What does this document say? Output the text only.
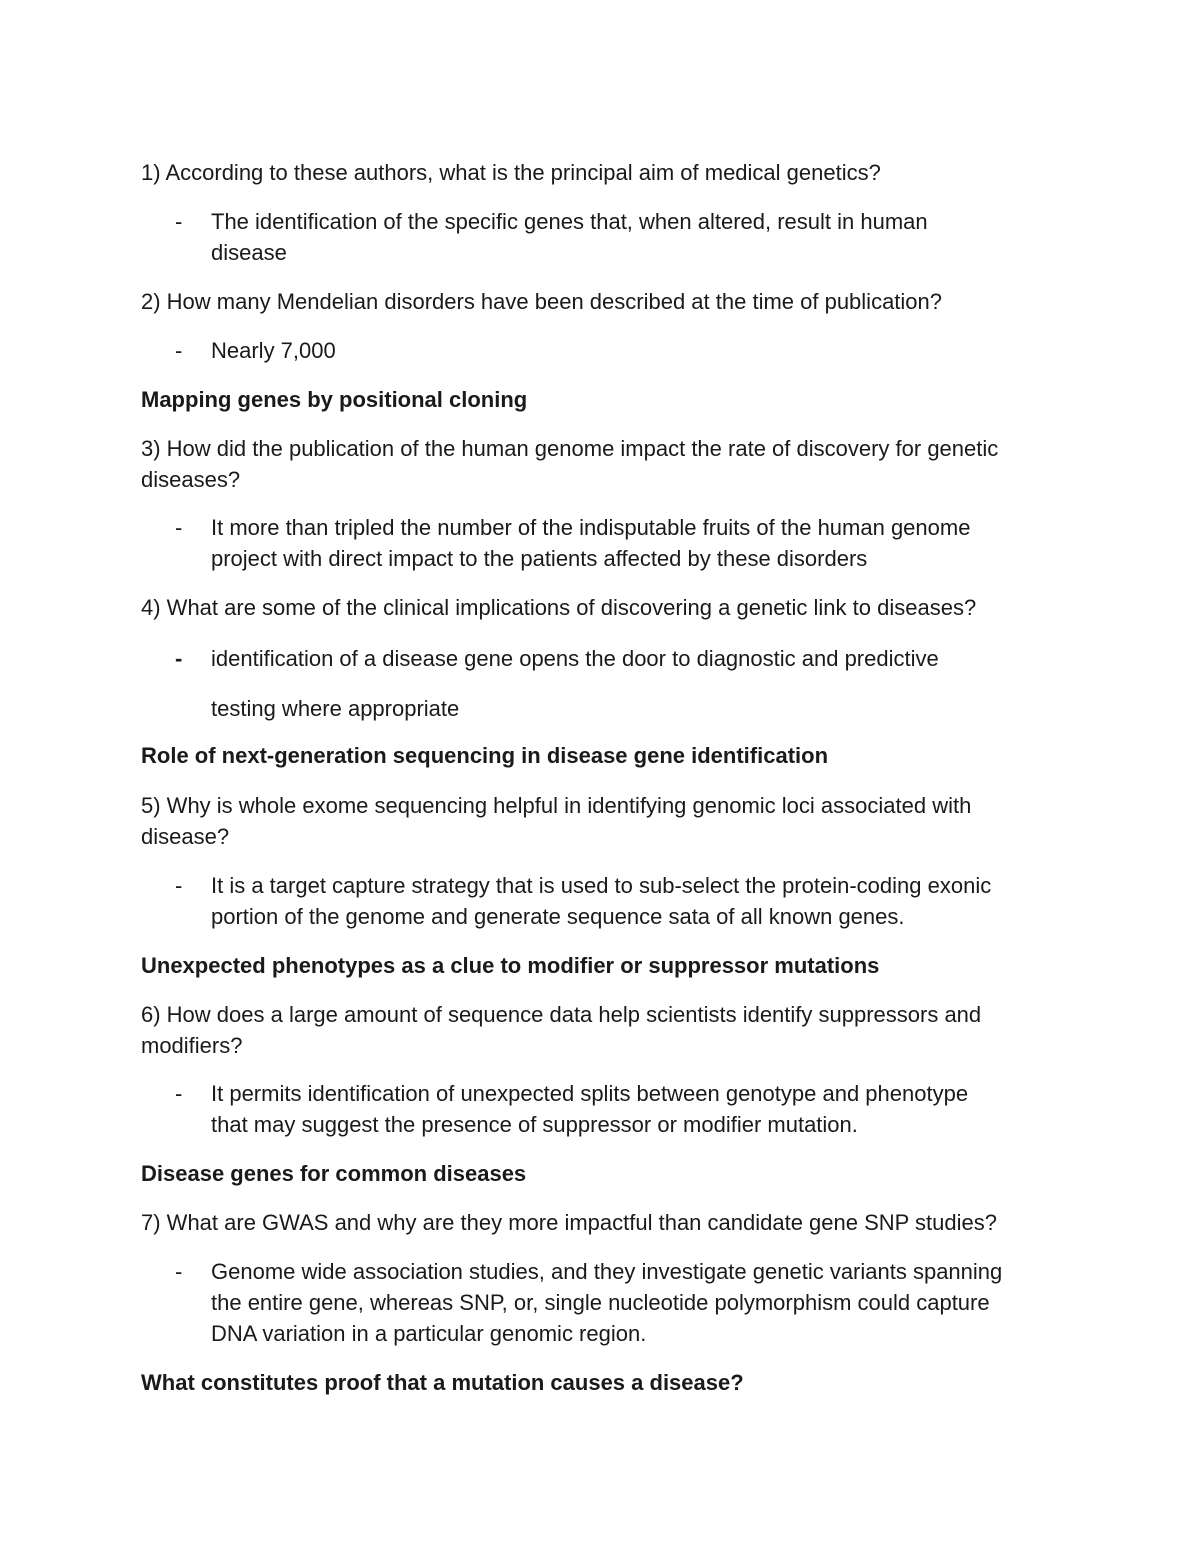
1) According to these authors, what is the principal aim of medical genetics?
- The identification of the specific genes that, when altered, result in human
disease
2) How many Mendelian disorders have been described at the time of publication?
- Nearly 7,000
Mapping genes by positional cloning
3) How did the publication of the human genome impact the rate of discovery for genetic
diseases?
- It more than tripled the number of the indisputable fruits of the human genome
project with direct impact to the patients affected by these disorders
4) What are some of the clinical implications of discovering a genetic link to diseases?
- identification of a disease gene opens the door to diagnostic and predictive
testing where appropriate
Role of next-generation sequencing in disease gene identification
5) Why is whole exome sequencing helpful in identifying genomic loci associated with
disease?
- It is a target capture strategy that is used to sub-select the protein-coding exonic
portion of the genome and generate sequence sata of all known genes.
Unexpected phenotypes as a clue to modifier or suppressor mutations
6) How does a large amount of sequence data help scientists identify suppressors and
modifiers?
- It permits identification of unexpected splits between genotype and phenotype
that may suggest the presence of suppressor or modifier mutation.
Disease genes for common diseases
7) What are GWAS and why are they more impactful than candidate gene SNP studies?
- Genome wide association studies, and they investigate genetic variants spanning
the entire gene, whereas SNP, or, single nucleotide polymorphism could capture
DNA variation in a particular genomic region.
What constitutes proof that a mutation causes a disease?
